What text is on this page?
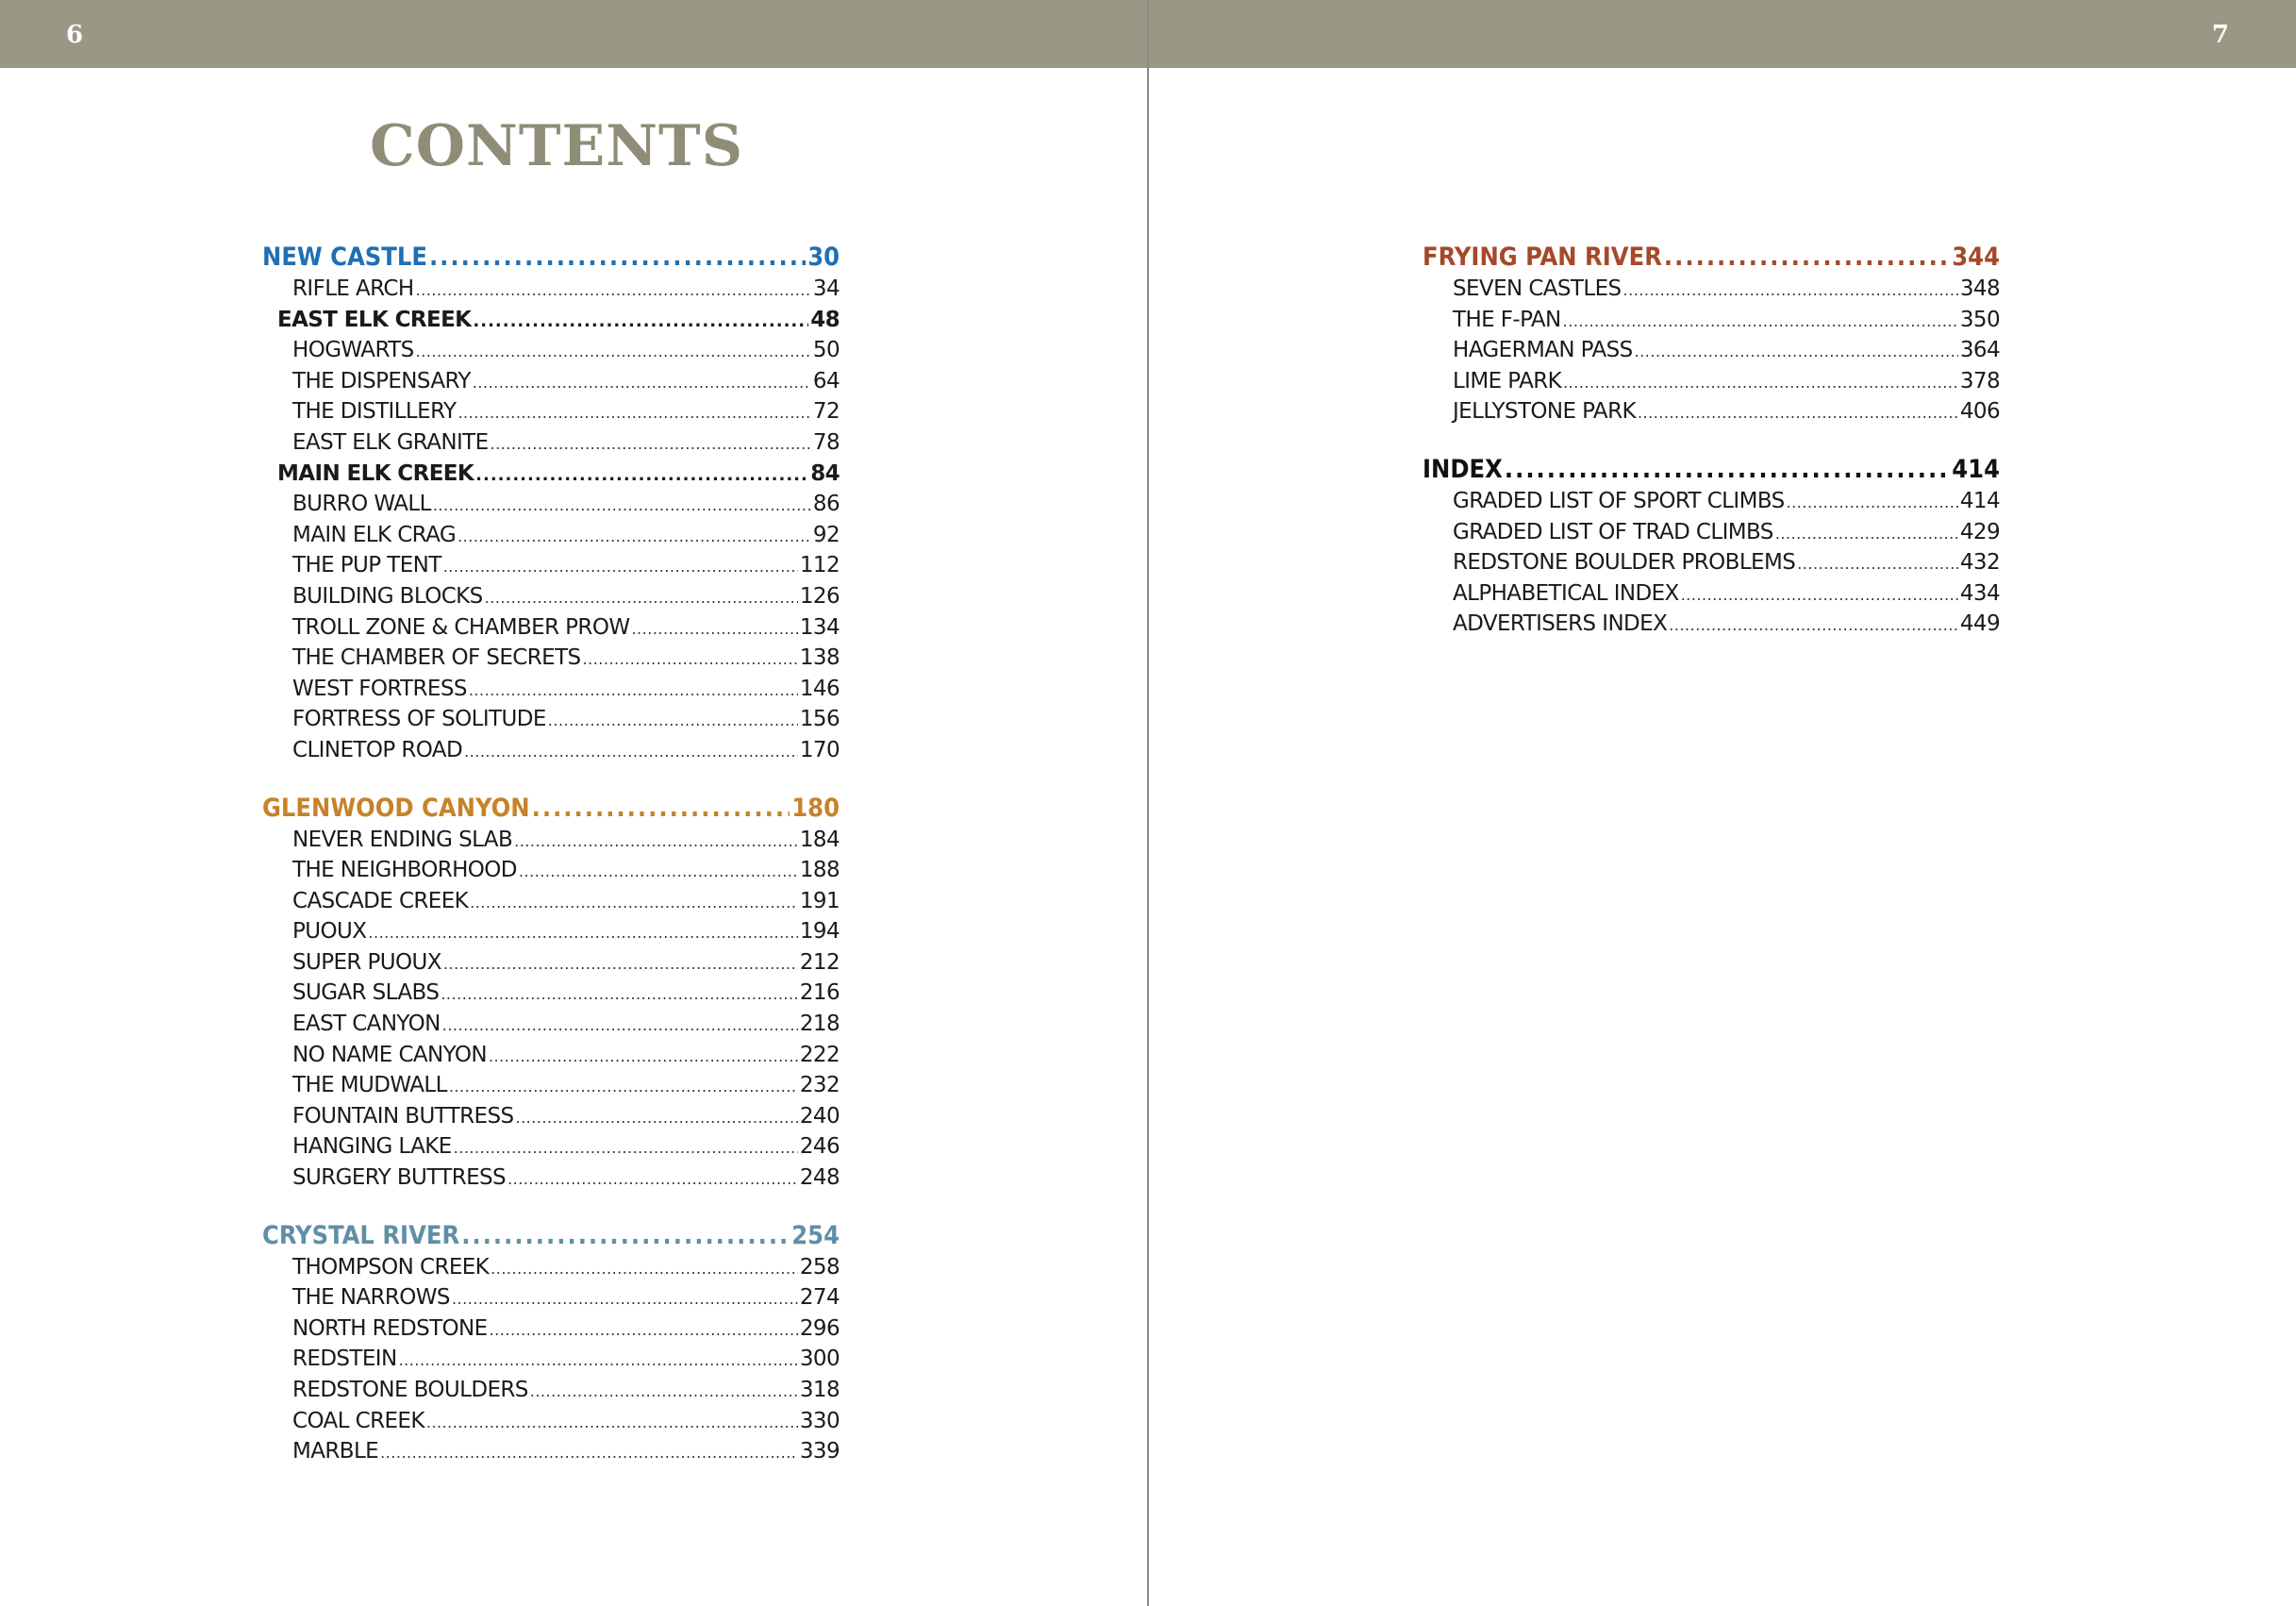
6
CONTENTS
NEW CASTLE .....	30
RIFLE ARCH .....	34
EAST ELK CREEK .....	48
HOGWARTS .....	50
THE DISPENSARY .....	64
THE DISTILLERY .....	72
EAST ELK GRANITE .....	78
MAIN ELK CREEK .....	84
BURRO WALL .....	86
MAIN ELK CRAG .....	92
THE PUP TENT .....	112
BUILDING BLOCKS .....	126
TROLL ZONE & CHAMBER PROW .....	134
THE CHAMBER OF SECRETS .....	138
WEST FORTRESS .....	146
FORTRESS OF SOLITUDE .....	156
CLINETOP ROAD .....	170
GLENWOOD CANYON .....	180
NEVER ENDING SLAB .....	184
THE NEIGHBORHOOD .....	188
CASCADE CREEK .....	191
PUOUX .....	194
SUPER PUOUX .....	212
SUGAR SLABS .....	216
EAST CANYON .....	218
NO NAME CANYON .....	222
THE MUDWALL .....	232
FOUNTAIN BUTTRESS .....	240
HANGING LAKE .....	246
SURGERY BUTTRESS .....	248
CRYSTAL RIVER .....	254
THOMPSON CREEK .....	258
THE NARROWS .....	274
NORTH REDSTONE .....	296
REDSTEIN .....	300
REDSTONE BOULDERS .....	318
COAL CREEK .....	330
MARBLE .....	339
7
FRYING PAN RIVER .....	344
SEVEN CASTLES .....	348
THE F-PAN .....	350
HAGERMAN PASS .....	364
LIME PARK .....	378
JELLYSTONE PARK .....	406
INDEX .....	414
GRADED LIST OF SPORT CLIMBS .....	414
GRADED LIST OF TRAD CLIMBS .....	429
REDSTONE BOULDER PROBLEMS .....	432
ALPHABETICAL INDEX .....	434
ADVERTISERS INDEX .....	449
